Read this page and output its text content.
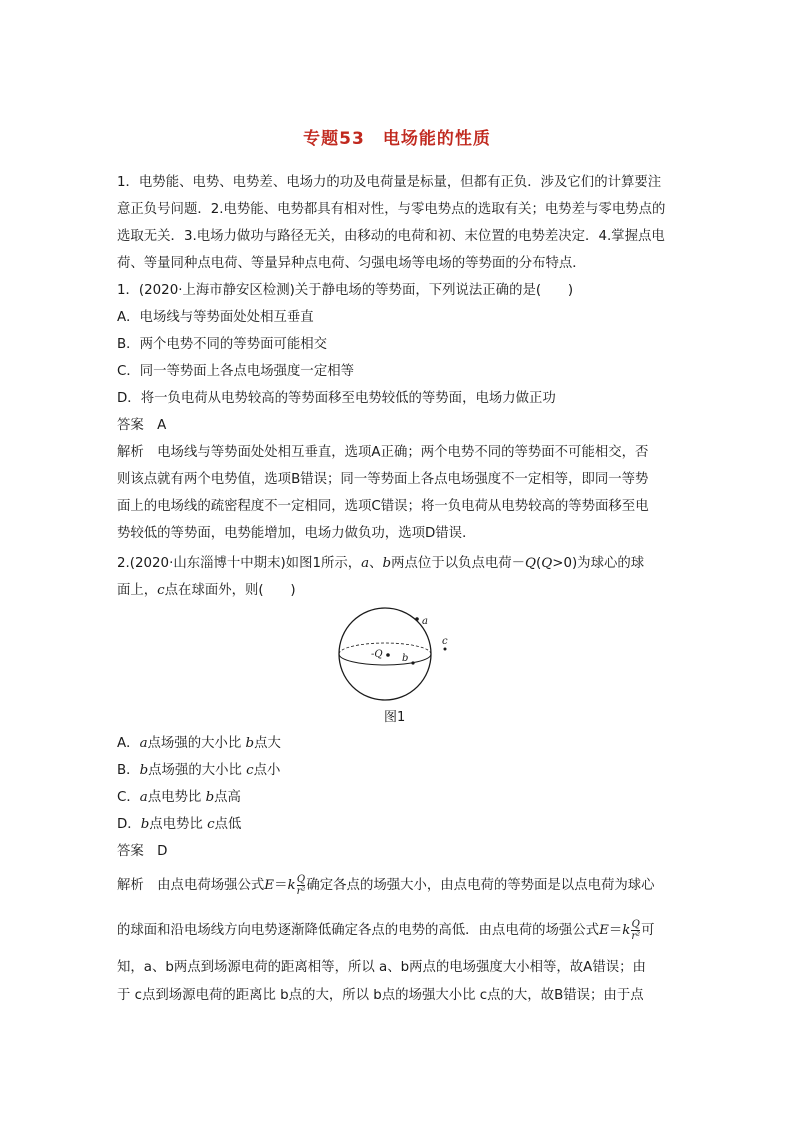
专题53　电场能的性质
1．电势能、电势、电势差、电场力的功及电荷量是标量，但都有正负．涉及它们的计算要注
意正负号问题．2.电势能、电势都具有相对性，与零电势点的选取有关；电势差与零电势点的
选取无关．3.电场力做功与路径无关，由移动的电荷和初、末位置的电势差决定．4.掌握点电
荷、等量同种点电荷、等量异种点电荷、匀强电场等电场的等势面的分布特点．
1．(2020·上海市静安区检测)关于静电场的等势面，下列说法正确的是(　　)
A．电场线与等势面处处相互垂直
B．两个电势不同的等势面可能相交
C．同一等势面上各点电场强度一定相等
D．将一负电荷从电势较高的等势面移至电势较低的等势面，电场力做正功
答案　A
解析　电场线与等势面处处相互垂直，选项A正确；两个电势不同的等势面不可能相交，否
则该点就有两个电势值，选项B错误；同一等势面上各点电场强度不一定相等，即同一等势
面上的电场线的疏密程度不一定相同，选项C错误；将一负电荷从电势较高的等势面移至电
势较低的等势面，电势能增加，电场力做负功，选项D错误．
2.(2020·山东淄博十中期末)如图1所示，a、b两点位于以负点电荷－Q(Q>0)为球心的球
面上，c点在球面外，则(　　)
-Q
a
b
c
图1
A．a点场强的大小比 b点大
B．b点场强的大小比 c点小
C．a点电势比 b点高
D．b点电势比 c点低
答案　D
解析　由点电荷场强公式$E=k \frac{Q}{\text{r²}}$ 确定各点的场强大小，由点电荷的等势面是以点电荷为球心
的球面和沿电场线方向电势逐渐降低确定各点的电势的高低．由点电荷的场强公式$E=k \frac{Q}{\text{r²}}$ 可
知，a、b两点到场源电荷的距离相等，所以 a、b两点的电场强度大小相等，故A错误；由
于 c点到场源电荷的距离比 b点的大，所以 b点的场强大小比 c点的大，故B错误；由于点
